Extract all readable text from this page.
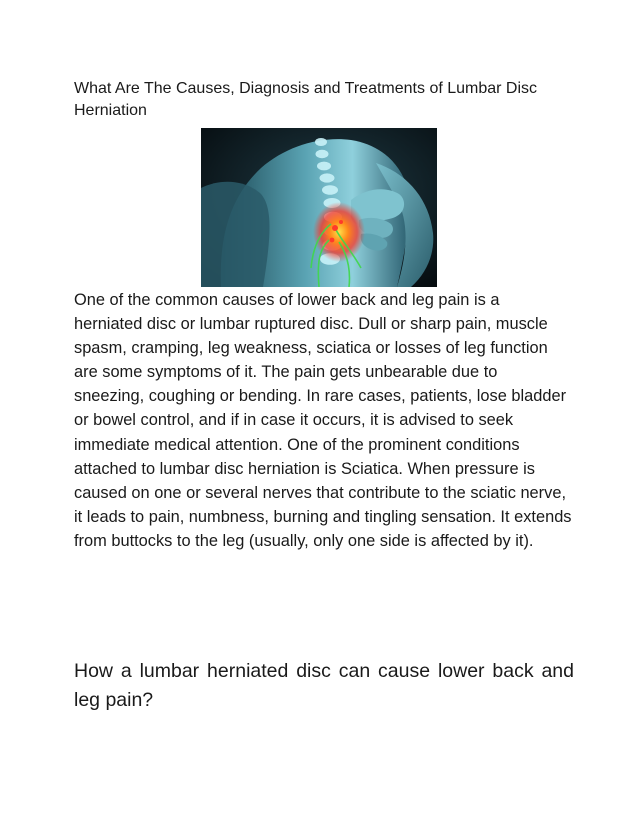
What Are The Causes, Diagnosis and Treatments of Lumbar Disc Herniation

One of the common causes of lower back and leg pain is a herniated disc or lumbar ruptured disc. Dull or sharp pain, muscle spasm, cramping, leg weakness, sciatica or losses of leg function are some symptoms of it. The pain gets unbearable due to sneezing, coughing or bending. In rare cases, patients, lose bladder or bowel control, and if in case it occurs, it is advised to seek immediate medical attention. One of the prominent conditions attached to lumbar disc herniation is Sciatica. When pressure is caused on one or several nerves that contribute to the sciatic nerve, it leads to pain, numbness, burning and tingling sensation. It extends from buttocks to the leg (usually, only one side is affected by it).

How a lumbar herniated disc can cause lower back and leg pain?
